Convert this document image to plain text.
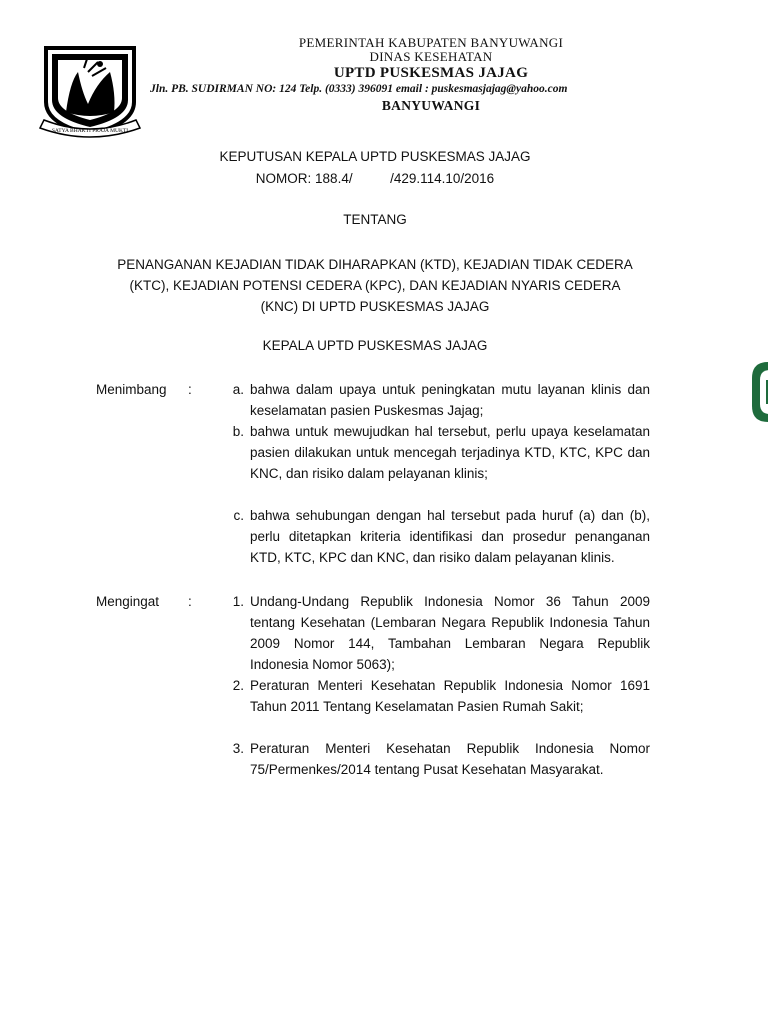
SATYA BHAKTI PRAJA MUKTI
PEMERINTAH KABUPATEN BANYUWANGI
DINAS KESEHATAN
UPTD PUSKESMAS JAJAG
Jln. PB. SUDIRMAN NO: 124 Telp. (0333) 396091 email : puskesmasjajag@yahoo.com
BANYUWANGI
KEPUTUSAN KEPALA UPTD PUSKESMAS JAJAG
NOMOR: 188.4/          /429.114.10/2016
TENTANG
PENANGANAN KEJADIAN TIDAK DIHARAPKAN (KTD), KEJADIAN TIDAK CEDERA
(KTC), KEJADIAN POTENSI CEDERA (KPC), DAN KEJADIAN NYARIS CEDERA
(KNC) DI UPTD PUSKESMAS JAJAG
KEPALA UPTD PUSKESMAS JAJAG
Menimbang	:	a. bahwa dalam upaya untuk peningkatan mutu layanan klinis dan keselamatan pasien Puskesmas Jajag;
b. bahwa untuk mewujudkan hal tersebut, perlu upaya keselamatan pasien dilakukan untuk mencegah terjadinya KTD, KTC, KPC dan KNC, dan risiko dalam pelayanan klinis;
c. bahwa sehubungan dengan hal tersebut pada huruf (a) dan (b), perlu ditetapkan kriteria identifikasi dan prosedur penanganan KTD, KTC, KPC dan KNC, dan risiko dalam pelayanan klinis.
Mengingat	:	1. Undang-Undang Republik Indonesia Nomor 36 Tahun 2009 tentang Kesehatan (Lembaran Negara Republik Indonesia Tahun 2009 Nomor 144, Tambahan Lembaran Negara Republik Indonesia Nomor 5063);
2. Peraturan Menteri Kesehatan Republik Indonesia Nomor 1691 Tahun 2011 Tentang Keselamatan Pasien Rumah Sakit;
3. Peraturan Menteri Kesehatan Republik Indonesia Nomor 75/Permenkes/2014 tentang Pusat Kesehatan Masyarakat.
